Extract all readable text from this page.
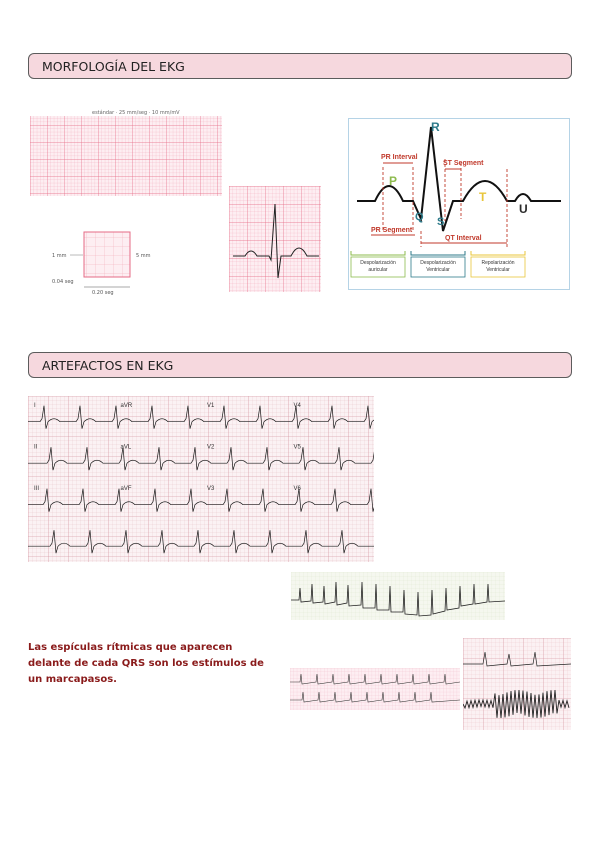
MORFOLOGÍA DEL EKG
estándar · 25 mm/seg · 10 mm/mV
1 mm	5 mm
0.04 seg
0.20 seg
PR Interval
ST Segment
PR Segment
QT Interval
P
R
Q S
T
U
Despolarización auricular
Despolarización Ventricular
Repolarización Ventricular
ARTEFACTOS EN EKG
I	aVR	V1	V4
II	aVL	V2	V5
III	aVF	V3	V6
Las espículas rítmicas que aparecen delante de cada QRS son los estímulos de un marcapasos.
